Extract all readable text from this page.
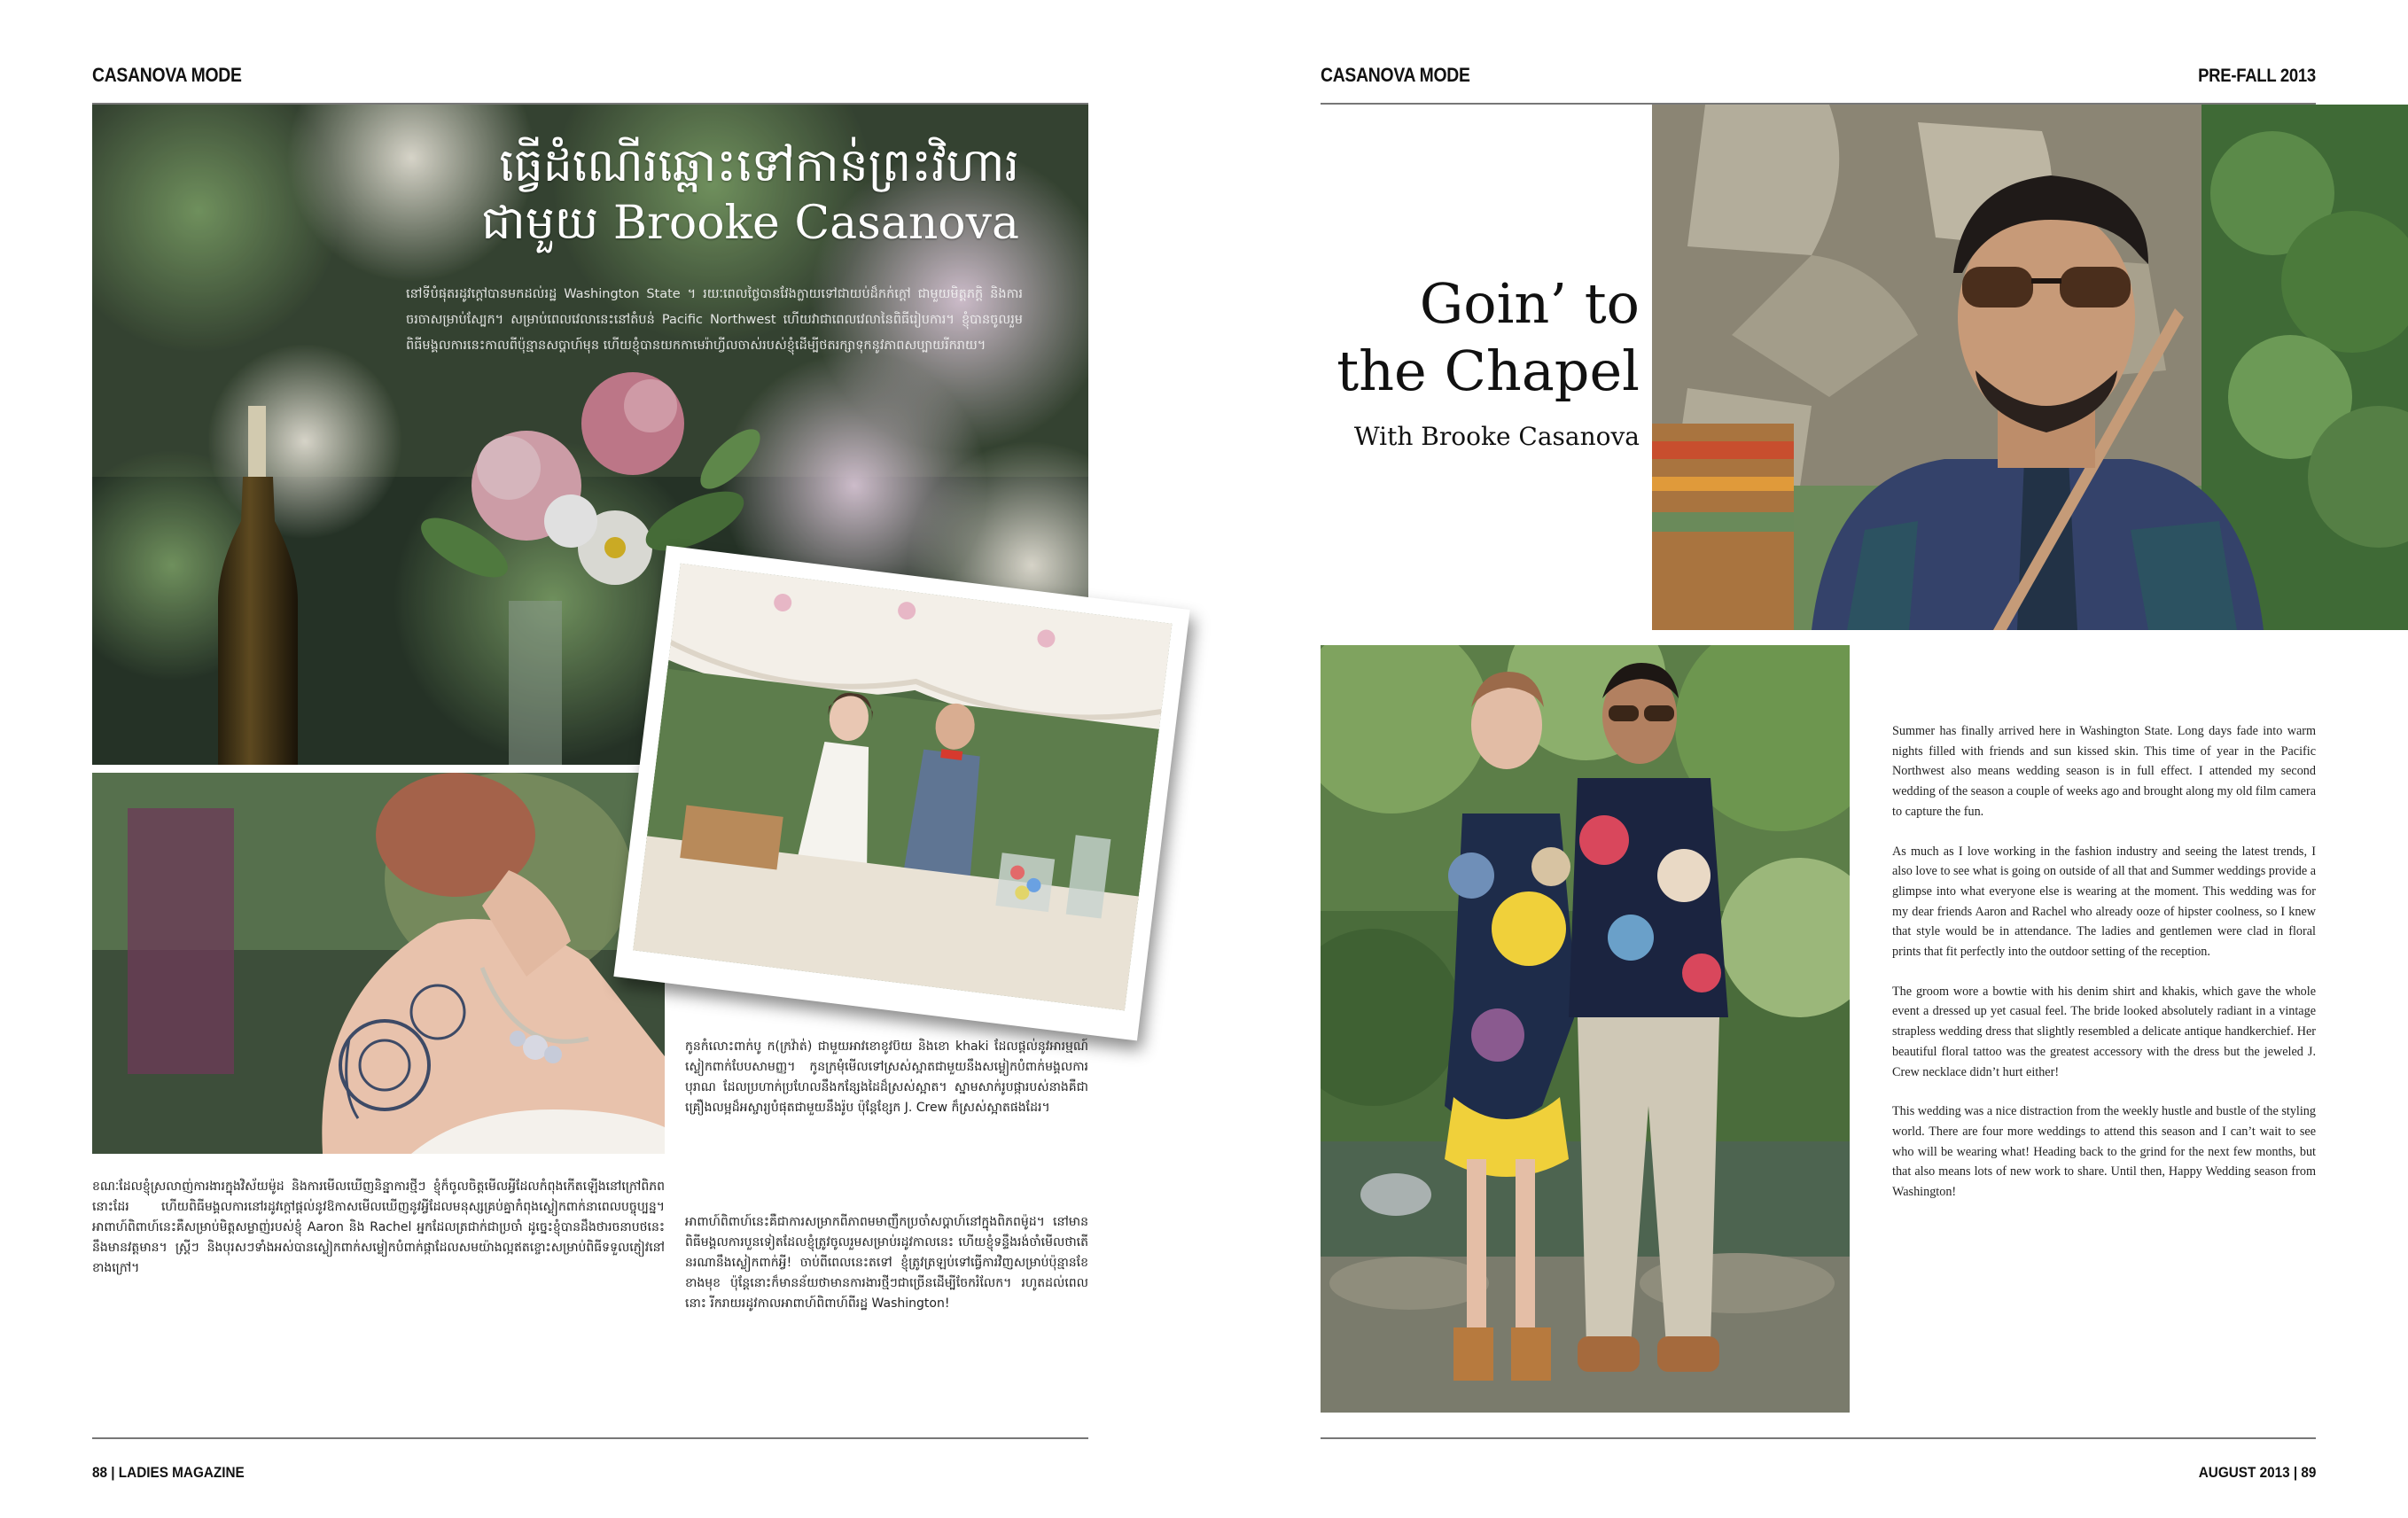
CASANOVA MODE
ធ្វើដំណើរឆ្ពោះទៅកាន់ព្រះវិហារ
ជាមួយ Brooke Casanova
នៅទីបំផុតរដូវក្ដៅបានមកដល់រដ្ឋ Washington State ។ រយៈពេលថ្ងៃបានវែងក្លាយទៅជាយប់ដ៏កក់ក្ដៅ ជាមួយមិត្តភក្ដិ និងការចរចាសម្រាប់ស្បែក។ សម្រាប់ពេលវេលានេះនៅតំបន់ Pacific Northwest ហើយវាជាពេលវេលានៃពិធីរៀបការ។ ខ្ញុំបានចូលរួមពិធីមង្គលការនេះកាលពីប៉ុន្មានសប្ដាហ៍មុន ហើយខ្ញុំបានយកកាមេរ៉ាហ្វីលចាស់របស់ខ្ញុំដើម្បីថតរក្សាទុកនូវភាពសប្បាយរីករាយ។
ខណៈដែលខ្ញុំស្រលាញ់ការងារក្នុងវិស័យម៉ូដ និងការមើលឃើញនិន្នាការថ្មីៗ ខ្ញុំក៏ចូលចិត្តមើលអ្វីដែលកំពុងកើតឡើងនៅក្រៅពិភពនោះដែរ ហើយពិធីមង្គលការនៅរដូវក្ដៅផ្ដល់នូវឱកាសមើលឃើញនូវអ្វីដែលមនុស្សគ្រប់គ្នាកំពុងស្លៀកពាក់នាពេលបច្ចុប្បន្ន។ អាពាហ៍ពិពាហ៍នេះគឺសម្រាប់មិត្តសម្លាញ់របស់ខ្ញុំ Aaron និង Rachel អ្នកដែលត្រជាក់ជាប្រចាំ ដូច្នេះខ្ញុំបានដឹងថារចនាបថនេះនឹងមានវត្តមាន។ ស្ត្រីៗ និងបុរសៗទាំងអស់បានស្លៀកពាក់សម្លៀកបំពាក់ផ្កាដែលសមយ៉ាងល្អឥតខ្ចោះសម្រាប់ពិធីទទួលភ្ញៀវនៅខាងក្រៅ។
កូនកំលោះពាក់បូ ក(ក្រវ៉ាត់) ជាមួយអាវខោខូវប៊យ និងខោ khaki ដែលផ្ដល់នូវអារម្មណ៍ស្លៀកពាក់បែបសាមញ្ញ។ កូនក្រមុំមើលទៅស្រស់ស្អាតជាមួយនឹងសម្លៀកបំពាក់មង្គលការបុរាណ ដែលប្រហាក់ប្រហែលនឹងកន្សែងដៃដ៏ស្រស់ស្អាត។ ស្នាមសាក់រូបផ្ការបស់នាងគឺជាគ្រឿងលម្អដ៏អស្ចារ្យបំផុតជាមួយនឹងរ៉ូប ប៉ុន្តែខ្សែក J. Crew ក៏ស្រស់ស្អាតផងដែរ។
អាពាហ៍ពិពាហ៍នេះគឺជាការសម្រាកពីភាពមមាញឹកប្រចាំសប្ដាហ៍នៅក្នុងពិភពម៉ូដ។ នៅមានពិធីមង្គលការបួនទៀតដែលខ្ញុំត្រូវចូលរួមសម្រាប់រដូវកាលនេះ ហើយខ្ញុំទន្ទឹងរង់ចាំមើលថាតើនរណានឹងស្លៀកពាក់អ្វី! ចាប់ពីពេលនេះតទៅ ខ្ញុំត្រូវត្រឡប់ទៅធ្វើការវិញសម្រាប់ប៉ុន្មានខែខាងមុខ ប៉ុន្តែនោះក៏មានន័យថាមានការងារថ្មីៗជាច្រើនដើម្បីចែករំលែក។ រហូតដល់ពេលនោះ រីករាយរដូវកាលអាពាហ៍ពិពាហ៍ពីរដ្ឋ Washington!
88 | LADIES MAGAZINE
CASANOVA MODE	PRE-FALL 2013
Goin’ to
the Chapel
With Brooke Casanova

Summer has finally arrived here in Washington State. Long days fade into warm nights filled with friends and sun kissed skin. This time of year in the Pacific Northwest also means wedding season is in full effect. I attended my second wedding of the season a couple of weeks ago and brought along my old film camera to capture the fun.

As much as I love working in the fashion industry and seeing the latest trends, I also love to see what is going on outside of all that and Summer weddings provide a glimpse into what everyone else is wearing at the moment. This wedding was for my dear friends Aaron and Rachel who already ooze of hipster coolness, so I knew that style would be in attendance. The ladies and gentlemen were clad in floral prints that fit perfectly into the outdoor setting of the reception.

The groom wore a bowtie with his denim shirt and khakis, which gave the whole event a dressed up yet casual feel. The bride looked absolutely radiant in a vintage strapless wedding dress that slightly resembled a delicate antique handkerchief. Her beautiful floral tattoo was the greatest accessory with the dress but the jeweled J. Crew necklace didn’t hurt either!

This wedding was a nice distraction from the weekly hustle and bustle of the styling world. There are four more weddings to attend this season and I can’t wait to see who will be wearing what! Heading back to the grind for the next few months, but that also means lots of new work to share. Until then, Happy Wedding season from Washington!

AUGUST 2013 | 89
